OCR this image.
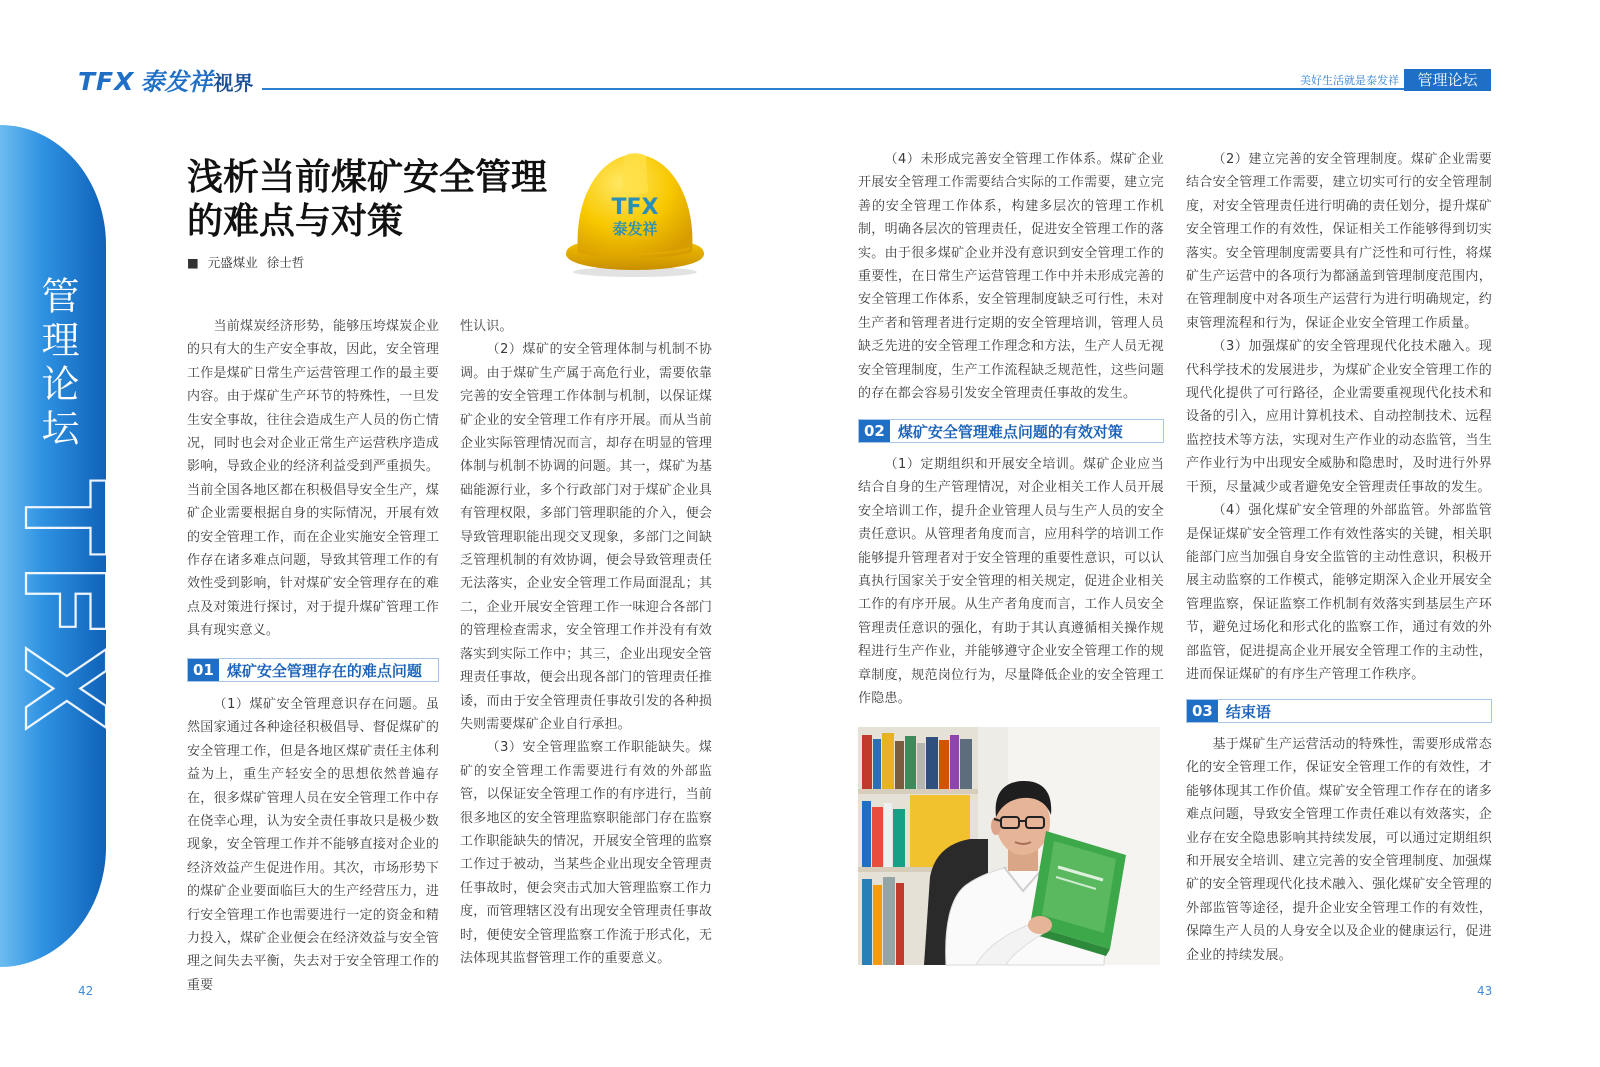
TFX 泰发祥 视界	美好生活就是泰发祥	管理论坛
管理论坛
TFX
浅析当前煤矿安全管理
的难点与对策
■ 元盛煤业 徐士哲
TFX
泰发祥

当前煤炭经济形势，能够压垮煤炭企业的只有大的生产安全事故，因此，安全管理工作是煤矿日常生产运营管理工作的最主要内容。由于煤矿生产环节的特殊性，一旦发生安全事故，往往会造成生产人员的伤亡情况，同时也会对企业正常生产运营秩序造成影响，导致企业的经济利益受到严重损失。当前全国各地区都在积极倡导安全生产，煤矿企业需要根据自身的实际情况，开展有效的安全管理工作，而在企业实施安全管理工作存在诸多难点问题，导致其管理工作的有效性受到影响，针对煤矿安全管理存在的难点及对策进行探讨，对于提升煤矿管理工作具有现实意义。

01 煤矿安全管理存在的难点问题

（1）煤矿安全管理意识存在问题。虽然国家通过各种途径积极倡导、督促煤矿的安全管理工作，但是各地区煤矿责任主体利益为上，重生产轻安全的思想依然普遍存在，很多煤矿管理人员在安全管理工作中存在侥幸心理，认为安全责任事故只是极少数现象，安全管理工作并不能够直接对企业的经济效益产生促进作用。其次，市场形势下的煤矿企业要面临巨大的生产经营压力，进行安全管理工作也需要进行一定的资金和精力投入，煤矿企业便会在经济效益与安全管理之间失去平衡，失去对于安全管理工作的重要

性认识。

（2）煤矿的安全管理体制与机制不协调。由于煤矿生产属于高危行业，需要依靠完善的安全管理工作体制与机制，以保证煤矿企业的安全管理工作有序开展。而从当前企业实际管理情况而言，却存在明显的管理体制与机制不协调的问题。其一，煤矿为基础能源行业，多个行政部门对于煤矿企业具有管理权限，多部门管理职能的介入，便会导致管理职能出现交叉现象，多部门之间缺乏管理机制的有效协调，便会导致管理责任无法落实，企业安全管理工作局面混乱；其二，企业开展安全管理工作一味迎合各部门的管理检查需求，安全管理工作并没有有效落实到实际工作中；其三，企业出现安全管理责任事故，便会出现各部门的管理责任推诿，而由于安全管理责任事故引发的各种损失则需要煤矿企业自行承担。

（3）安全管理监察工作职能缺失。煤矿的安全管理工作需要进行有效的外部监管，以保证安全管理工作的有序进行，当前很多地区的安全管理监察职能部门存在监察工作职能缺失的情况，开展安全管理的监察工作过于被动，当某些企业出现安全管理责任事故时，便会突击式加大管理监察工作力度，而管理辖区没有出现安全管理责任事故时，便使安全管理监察工作流于形式化，无法体现其监督管理工作的重要意义。

（4）未形成完善安全管理工作体系。煤矿企业开展安全管理工作需要结合实际的工作需要，建立完善的安全管理工作体系，构建多层次的管理工作机制，明确各层次的管理责任，促进安全管理工作的落实。由于很多煤矿企业并没有意识到安全管理工作的重要性，在日常生产运营管理工作中并未形成完善的安全管理工作体系，安全管理制度缺乏可行性，未对生产者和管理者进行定期的安全管理培训，管理人员缺乏先进的安全管理工作理念和方法，生产人员无视安全管理制度，生产工作流程缺乏规范性，这些问题的存在都会容易引发安全管理责任事故的发生。

02 煤矿安全管理难点问题的有效对策

（1）定期组织和开展安全培训。煤矿企业应当结合自身的生产管理情况，对企业相关工作人员开展安全培训工作，提升企业管理人员与生产人员的安全责任意识。从管理者角度而言，应用科学的培训工作能够提升管理者对于安全管理的重要性意识，可以认真执行国家关于安全管理的相关规定，促进企业相关工作的有序开展。从生产者角度而言，工作人员安全管理责任意识的强化，有助于其认真遵循相关操作规程进行生产作业，并能够遵守企业安全管理工作的规章制度，规范岗位行为，尽量降低企业的安全管理工作隐患。

（2）建立完善的安全管理制度。煤矿企业需要结合安全管理工作需要，建立切实可行的安全管理制度，对安全管理责任进行明确的责任划分，提升煤矿安全管理工作的有效性，保证相关工作能够得到切实落实。安全管理制度需要具有广泛性和可行性，将煤矿生产运营中的各项行为都涵盖到管理制度范围内，在管理制度中对各项生产运营行为进行明确规定，约束管理流程和行为，保证企业安全管理工作质量。

（3）加强煤矿的安全管理现代化技术融入。现代科学技术的发展进步，为煤矿企业安全管理工作的现代化提供了可行路径，企业需要重视现代化技术和设备的引入，应用计算机技术、自动控制技术、远程监控技术等方法，实现对生产作业的动态监管，当生产作业行为中出现安全威胁和隐患时，及时进行外界干预，尽量减少或者避免安全管理责任事故的发生。

（4）强化煤矿安全管理的外部监管。外部监管是保证煤矿安全管理工作有效性落实的关键，相关职能部门应当加强自身安全监管的主动性意识，积极开展主动监察的工作模式，能够定期深入企业开展安全管理监察，保证监察工作机制有效落实到基层生产环节，避免过场化和形式化的监察工作，通过有效的外部监管，促进提高企业开展安全管理工作的主动性，进而保证煤矿的有序生产管理工作秩序。

03 结束语

基于煤矿生产运营活动的特殊性，需要形成常态化的安全管理工作，保证安全管理工作的有效性，才能够体现其工作价值。煤矿安全管理工作存在的诸多难点问题，导致安全管理工作责任难以有效落实，企业存在安全隐患影响其持续发展，可以通过定期组织和开展安全培训、建立完善的安全管理制度、加强煤矿的安全管理现代化技术融入、强化煤矿安全管理的外部监管等途径，提升企业安全管理工作的有效性，保障生产人员的人身安全以及企业的健康运行，促进企业的持续发展。

42	43
